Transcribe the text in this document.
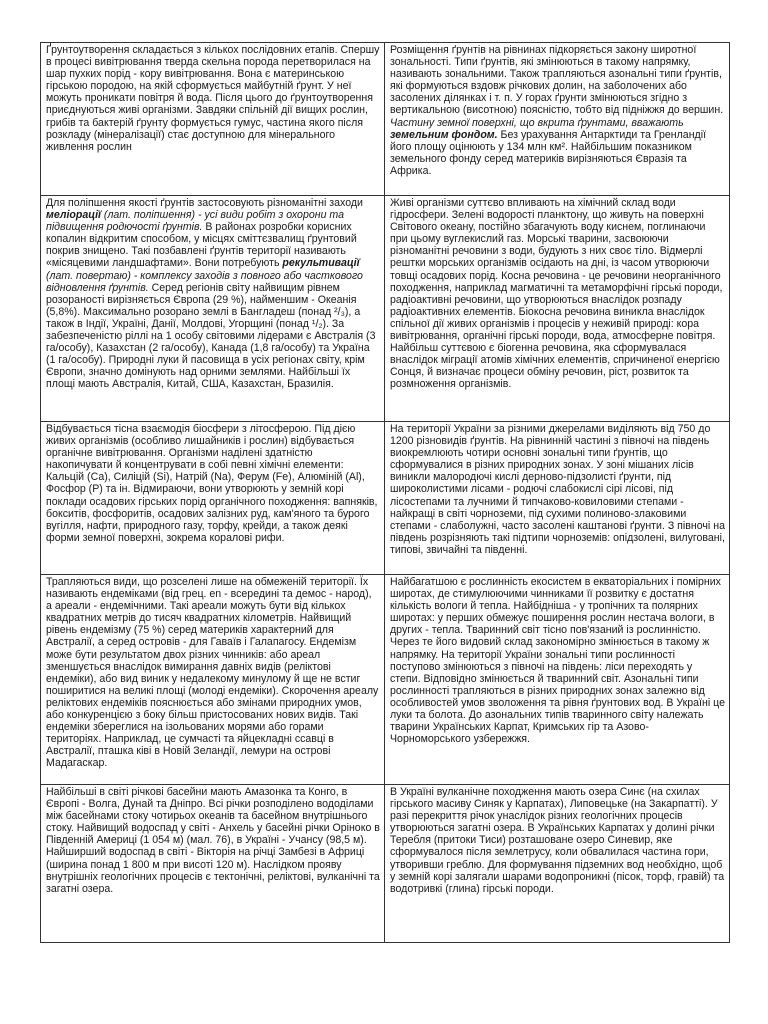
Ґрунтоутворення складається з кількох послідовних етапів. Спершу в процесі вивітрювання тверда скельна порода перетворилася на шар пухких порід - кору вивітрювання. Вона є материнською гірською породою, на якій сформується майбутній ґрунт. У неї можуть проникати повітря й вода. Після цього до ґрунтоутворення приєднуються живі організми. Завдяки спільній дії вищих рослин, грибів та бактерій ґрунту формується гумус, частина якого після розкладу (мінералізації) стає доступною для мінерального живлення рослин
Розміщення ґрунтів на рівнинах підкоряється закону широтної зональності. Типи ґрунтів, які змінюються в такому напрямку, називають зональними. Також трапляються азональні типи ґрунтів, які формуються вздовж річкових долин, на заболочених або засолених ділянках і т. п. У горах ґрунти змінюються згідно з вертикальною (висотною) поясністю, тобто від підніжжя до вершин. Частину земної поверхні, що вкрита ґрунтами, вважають земельним фондом. Без урахування Антарктиди та Гренландії його площу оцінюють у 134 млн км². Найбільшим показником земельного фонду серед материків вирізняються Євразія та Африка.
Для поліпшення якості ґрунтів застосовують різноманітні заходи меліорації (лат. поліпшення) - усі види робіт з охорони та підвищення родючості ґрунтів. В районах розробки корисних копалин відкритим способом, у місцях сміттєзвалищ ґрунтовий покрив знищено. Такі позбавлені ґрунтів території називають «місяцевими ландшафтами». Вони потребують рекультивації (лат. повертаю) - комплексу заходів з повного або часткового відновлення ґрунтів. Серед регіонів світу найвищим рівнем розораності вирізняється Європа (29 %), найменшим - Океанія (5,8%). Максимально розорано землі в Бангладеш (понад ²/₃), а також в Індії, Україні, Данії, Молдові, Угорщині (понад ¹/₂). За забезпеченістю ріллі на 1 особу світовими лідерами є Австралія (3 га/особу), Казахстан (2 га/особу), Канада (1,8 га/особу) та Україна (1 га/особу). Природні луки й пасовища в усіх регіонах світу, крім Європи, значно домінують над орними землями. Найбільші їх площі мають Австралія, Китай, США, Казахстан, Бразилія.
Живі організми суттєво впливають на хімічний склад води гідросфери. Зелені водорості планктону, що живуть на поверхні Світового океану, постійно збагачують воду киснем, поглинаючи при цьому вуглекислий газ. Морські тварини, засвоюючи різноманітні речовини з води, будують з них своє тіло. Відмерлі рештки морських організмів осідають на дні, із часом утворюючи товщі осадових порід. Косна речовина - це речовини неорганічного походження, наприклад магматичні та метаморфічні гірські породи, радіоактивні речовини, що утворюються внаслідок розпаду радіоактивних елементів. Біокосна речовина виникла внаслідок спільної дії живих організмів і процесів у неживій природі: кора вивітрювання, органічні гірські породи, вода, атмосферне повітря. Найбільш суттєвою є біогенна речовина, яка сформувалася внаслідок міграції атомів хімічних елементів, спричиненої енергією Сонця, й визначає процеси обміну речовин, ріст, розвиток та розмноження організмів.
Відбувається тісна взаємодія біосфери з літосферою. Під дією живих організмів (особливо лишайників і рослин) відбувається органічне вивітрювання. Організми наділені здатністю накопичувати й концентрувати в собі певні хімічні елементи: Кальцій (Са), Силіцій (Si), Натрій (Na), Ферум (Fe), Алюміній (Al), Фосфор (Р) та ін. Відмираючи, вони утворюють у земній корі поклади осадових гірських порід органічного походження: вапняків, бокситів, фосфоритів, осадових залізних руд, кам'яного та бурого вугілля, нафти, природного газу, торфу, крейди, а також деякі форми земної поверхні, зокрема коралові рифи.
На території України за різними джерелами виділяють від 750 до 1200 різновидів ґрунтів. На рівнинній частині з півночі на південь виокремлюють чотири основні зональні типи ґрунтів, що сформувалися в різних природних зонах. У зоні мішаних лісів виникли малородючі кислі дерново-підзолисті ґрунти, під широколистими лісами - родючі слабокислі сірі лісові, під лісостепами та лучними й типчаково-ковиловими степами - найкращі в світі чорноземи, під сухими полиново-злаковими степами - слаболужні, часто засолені каштанові ґрунти. З півночі на південь розрізняють такі підтипи чорноземів: опідзолені, вилуговані, типові, звичайні та південні.
Трапляються види, що розселені лише на обмеженій території. Їх називають ендеміками (від грец. en - всередині та демос - народ), а ареали - ендемічними. Такі ареали можуть бути від кількох квадратних метрів до тисяч квадратних кілометрів. Найвищий рівень ендемізму (75 %) серед материків характерний для Австралії, а серед островів - для Гаваїв і Галапагосу. Ендемізм може бути результатом двох різних чинників: або ареал зменшується внаслідок вимирання давніх видів (реліктові ендеміки), або вид виник у недалекому минулому й ще не встиг поширитися на великі площі (молоді ендеміки). Скорочення ареалу реліктових ендеміків пояснюється або змінами природних умов, або конкуренцією з боку більш пристосованих нових видів. Такі ендеміки збереглися на ізольованих морями або горами територіях. Наприклад, це сумчасті та яйцекладні ссавці в Австралії, пташка ківі в Новій Зеландії, лемури на острові Мадагаскар.
Найбагатшою є рослинність екосистем в екваторіальних і помірних широтах, де стимулюючими чинниками її розвитку є достатня кількість вологи й тепла. Найбідніша - у тропічних та полярних широтах: у перших обмежує поширення рослин нестача вологи, в других - тепла. Тваринний світ тісно пов'язаний із рослинністю. Через те його видовий склад закономірно змінюється в такому ж напрямку. На території України зональні типи рослинності поступово змінюються з півночі на південь: ліси переходять у степи. Відповідно змінюється й тваринний світ. Азональні типи рослинності трапляються в різних природних зонах залежно від особливостей умов зволоження та рівня ґрунтових вод. В Україні це луки та болота. До азональних типів тваринного світу належать тварини Українських Карпат, Кримських гір та Азово-Чорноморського узбережжя.
Найбільші в світі річкові басейни мають Амазонка та Конго, в Європі - Волга, Дунай та Дніпро. Всі річки розподілено вододілами між басейнами стоку чотирьох океанів та басейном внутрішнього стоку. Найвищий водоспад у світі - Анхель у басейні річки Оріноко в Південній Америці (1 054 м) (мал. 76), в Україні - Учансу (98,5 м). Найширший водоспад в світі - Вікторія на річці Замбезі в Африці (ширина понад 1 800 м при висоті 120 м). Наслідком прояву внутрішніх геологічних процесів є тектонічні, реліктові, вулканічні та загатні озера.
В Україні вулканічне походження мають озера Синє (на схилах гірського масиву Синяк у Карпатах), Липовецьке (на Закарпатті). У разі перекриття річок унаслідок різних геологічних процесів утворюються загатні озера. В Українських Карпатах у долині річки Теребля (притоки Тиси) розташоване озеро Синевир, яке сформувалося після землетрусу, коли обвалилася частина гори, утворивши греблю. Для формування підземних вод необхідно, щоб у земній корі залягали шарами водопроникні (пісок, торф, гравій) та водотривкі (глина) гірські породи.
